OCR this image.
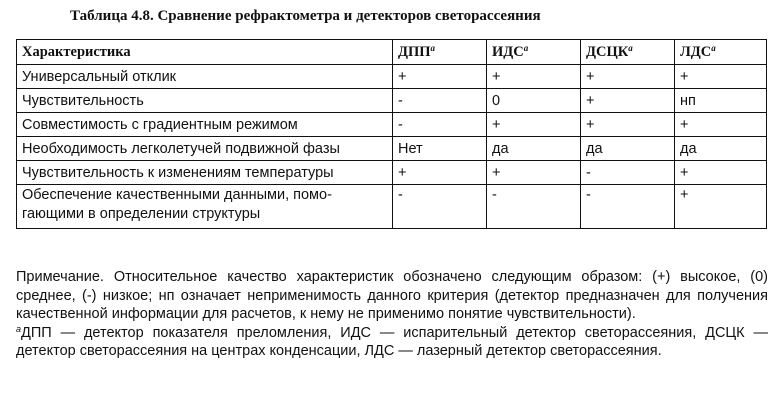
Таблица 4.8. Сравнение рефрактометра и детекторов светорассеяния
Характеристика	ДПП$^a$	ИДС$^a$	ДСЦК$^a$	ЛДС$^a$
Универсальный отклик	+	+	+	+
Чувствительность	-	0	+	нп
Совместимость с градиентным режимом	-	+	+	+
Необходимость легколетучей подвижной фазы	Нет	да	да	да
Чувствительность к изменениям температуры	+	+	-	+
Обеспечение качественными данными, помо-гающими в определении структуры	-	-	-	+

Примечание. Относительное качество характеристик обозначено следующим образом: (+) высокое, (0) среднее, (-) низкое; нп означает неприменимость данного критерия (детектор предназначен для получения качественной информации для расчетов, к нему не применимо понятие чувствительности).

$^a$ДПП — детектор показателя преломления, ИДС — испарительный детектор светорассеяния, ДСЦК — детектор светорассеяния на центрах конденсации, ЛДС — лазерный детектор светорассеяния.
